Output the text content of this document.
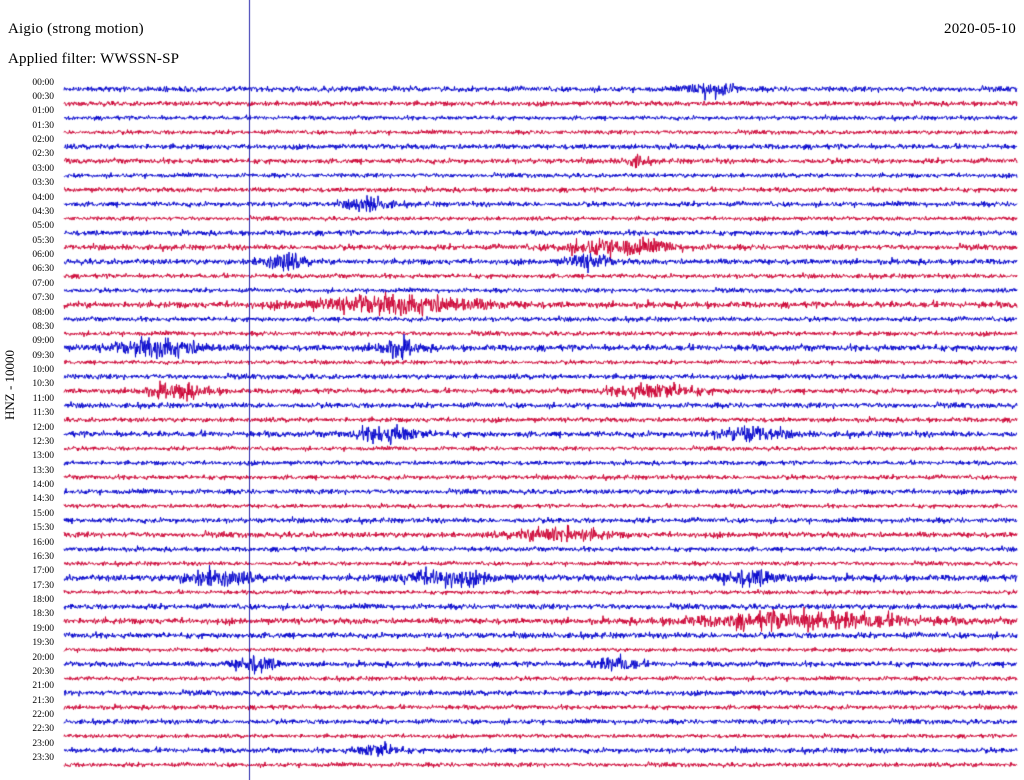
Aigio (strong motion)	2020-05-10
Applied filter: WWSSN-SP
HNZ - 10000
00:00
00:30
01:00
01:30
02:00
02:30
03:00
03:30
04:00
04:30
05:00
05:30
06:00
06:30
07:00
07:30
08:00
08:30
09:00
09:30
10:00
10:30
11:00
11:30
12:00
12:30
13:00
13:30
14:00
14:30
15:00
15:30
16:00
16:30
17:00
17:30
18:00
18:30
19:00
19:30
20:00
20:30
21:00
21:30
22:00
22:30
23:00
23:30
